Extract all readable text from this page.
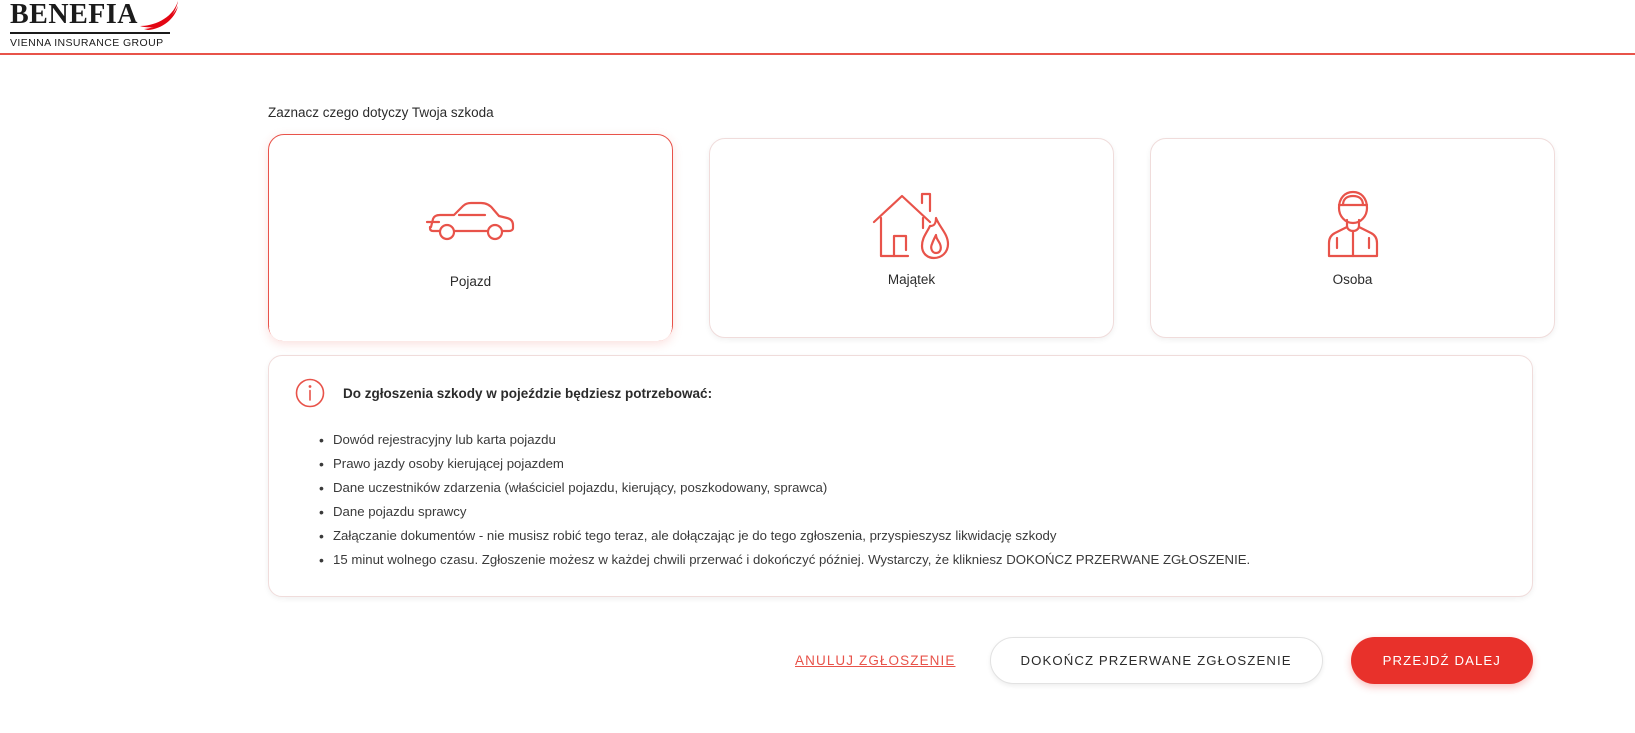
BENEFIA
VIENNA INSURANCE GROUP
Zaznacz czego dotyczy Twoja szkoda
Pojazd	Majątek	Osoba
Do zgłoszenia szkody w pojeździe będziesz potrzebować:
• Dowód rejestracyjny lub karta pojazdu
• Prawo jazdy osoby kierującej pojazdem
• Dane uczestników zdarzenia (właściciel pojazdu, kierujący, poszkodowany, sprawca)
• Dane pojazdu sprawcy
• Załączanie dokumentów - nie musisz robić tego teraz, ale dołączając je do tego zgłoszenia, przyspieszysz likwidację szkody
• 15 minut wolnego czasu. Zgłoszenie możesz w każdej chwili przerwać i dokończyć później. Wystarczy, że klikniesz DOKOŃCZ PRZERWANE ZGŁOSZENIE.
ANULUJ ZGŁOSZENIE	DOKOŃCZ PRZERWANE ZGŁOSZENIE	PRZEJDŹ DALEJ
